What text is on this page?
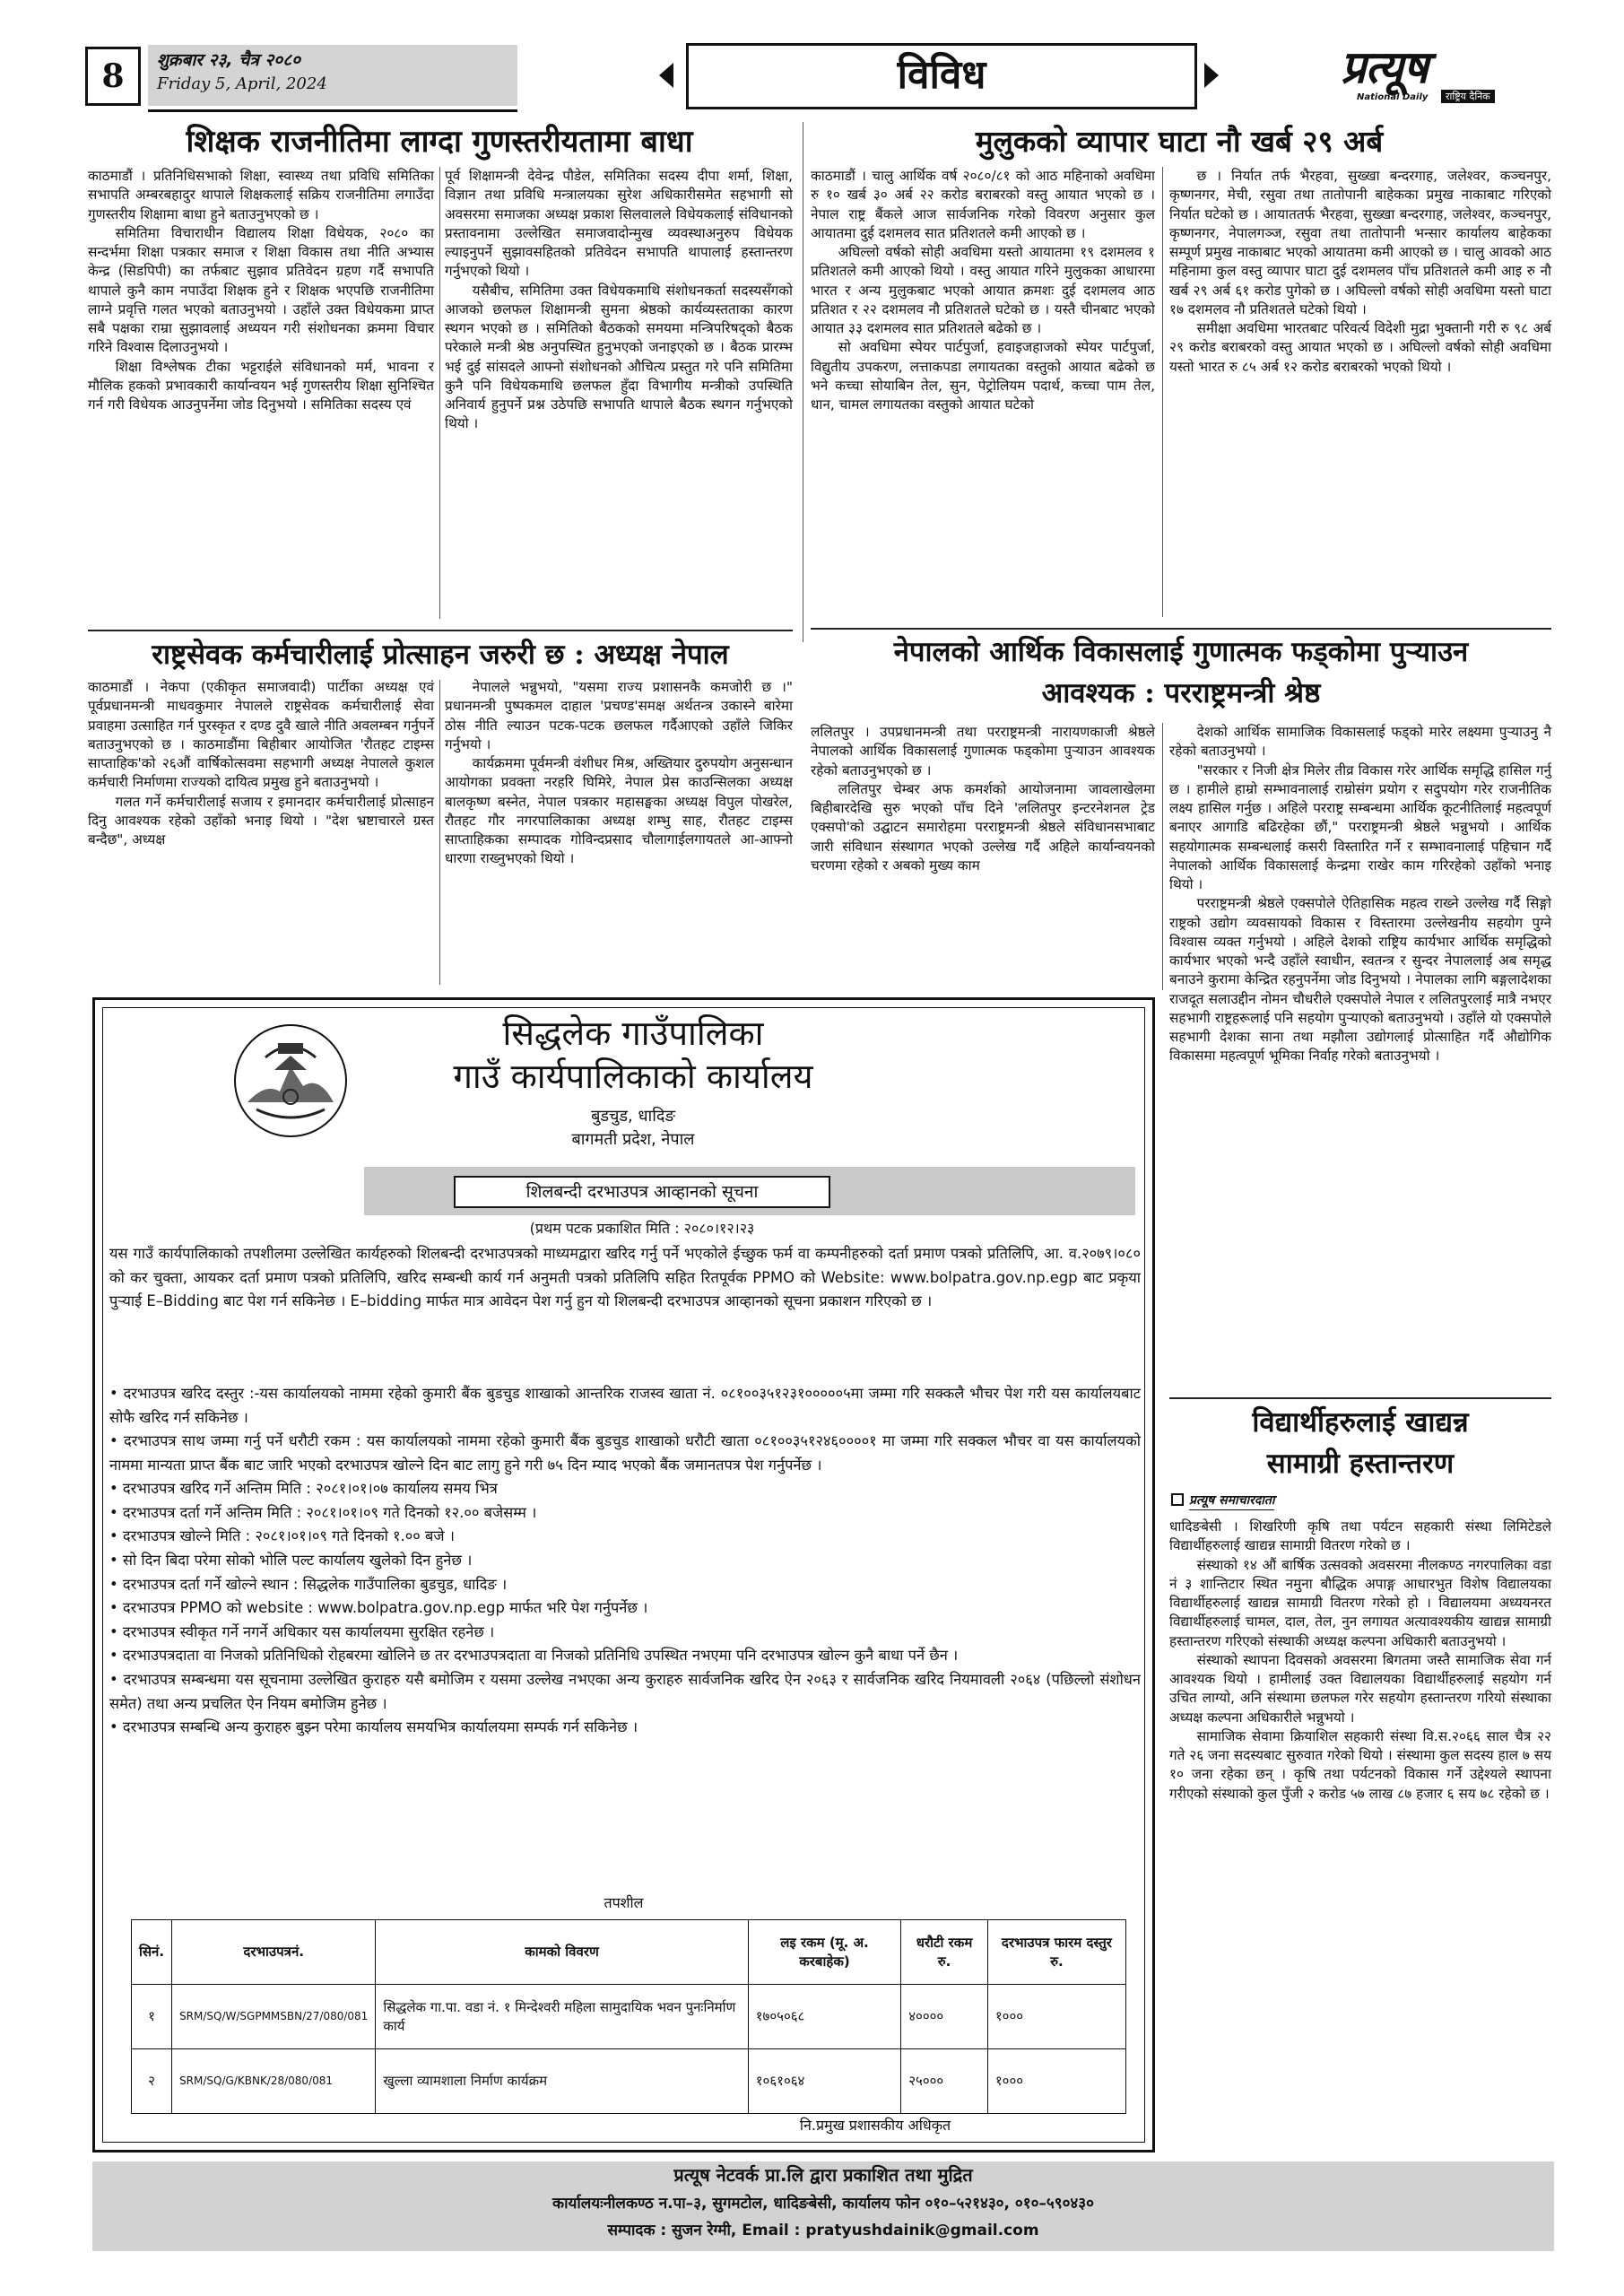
8	शुक्रबार २३, चैत्र २०८०
Friday 5, April, 2024	विविध	प्रत्यूष
National Daily	राष्ट्रिय दैनिक
शिक्षक राजनीतिमा लाग्दा गुणस्तरीयतामा बाधा

काठमाडौं । प्रतिनिधिसभाको शिक्षा, स्वास्थ्य तथा प्रविधि समितिका सभापति अम्बरबहादुर थापाले शिक्षकलाई सक्रिय राजनीतिमा लगाउँदा गुणस्तरीय शिक्षामा बाधा हुने बताउनुभएको छ ।

समितिमा विचाराधीन विद्यालय शिक्षा विधेयक, २०८० का सन्दर्भमा शिक्षा पत्रकार समाज र शिक्षा विकास तथा नीति अभ्यास केन्द्र (सिडपिपी) का तर्फबाट सुझाव प्रतिवेदन ग्रहण गर्दै सभापति थापाले कुनै काम नपाउँदा शिक्षक हुने र शिक्षक भएपछि राजनीतिमा लाग्ने प्रवृत्ति गलत भएको बताउनुभयो । उहाँले उक्त विधेयकमा प्राप्त सबै पक्षका राम्रा सुझावलाई अध्ययन गरी संशोधनका क्रममा विचार गरिने विश्वास दिलाउनुभयो ।

शिक्षा विश्लेषक टीका भट्टराईले संविधानको मर्म, भावना र मौलिक हकको प्रभावकारी कार्यान्वयन भई गुणस्तरीय शिक्षा सुनिश्चित गर्न गरी विधेयक आउनुपर्नेमा जोड दिनुभयो । समितिका सदस्य एवं

पूर्व शिक्षामन्त्री देवेन्द्र पौडेल, समितिका सदस्य दीपा शर्मा, शिक्षा, विज्ञान तथा प्रविधि मन्त्रालयका सुरेश अधिकारीसमेत सहभागी सो अवसरमा समाजका अध्यक्ष प्रकाश सिलवालले विधेयकलाई संविधानको प्रस्तावनामा उल्लेखित समाजवादोन्मुख व्यवस्थाअनुरुप विधेयक ल्याइनुपर्ने सुझावसहितको प्रतिवेदन सभापति थापालाई हस्तान्तरण गर्नुभएको थियो ।

यसैबीच, समितिमा उक्त विधेयकमाथि संशोधनकर्ता सदस्यसँगको आजको छलफल शिक्षामन्त्री सुमना श्रेष्ठको कार्यव्यस्तताका कारण स्थगन भएको छ । समितिको बैठकको समयमा मन्त्रिपरिषद्को बैठक परेकाले मन्त्री श्रेष्ठ अनुपस्थित हुनुभएको जनाइएको छ । बैठक प्रारम्भ भई दुई सांसदले आफ्नो संशोधनको औचित्य प्रस्तुत गरे पनि समितिमा कुनै पनि विधेयकमाथि छलफल हुँदा विभागीय मन्त्रीको उपस्थिति अनिवार्य हुनुपर्ने प्रश्न उठेपछि सभापति थापाले बैठक स्थगन गर्नुभएको थियो ।

राष्ट्रसेवक कर्मचारीलाई प्रोत्साहन जरुरी छ : अध्यक्ष नेपाल

काठमाडौं । नेकपा (एकीकृत समाजवादी) पार्टीका अध्यक्ष एवं पूर्वप्रधानमन्त्री माधवकुमार नेपालले राष्ट्रसेवक कर्मचारीलाई सेवा प्रवाहमा उत्साहित गर्न पुरस्कृत र दण्ड दुवै खाले नीति अवलम्बन गर्नुपर्ने बताउनुभएको छ । काठमाडौंमा बिहीबार आयोजित 'रौतहट टाइम्स साप्ताहिक'को २६औं वार्षिकोत्सवमा सहभागी अध्यक्ष नेपालले कुशल कर्मचारी निर्माणमा राज्यको दायित्व प्रमुख हुने बताउनुभयो ।

गलत गर्ने कर्मचारीलाई सजाय र इमानदार कर्मचारीलाई प्रोत्साहन दिनु आवश्यक रहेको उहाँको भनाइ थियो । "देश भ्रष्टाचारले ग्रस्त बन्दैछ", अध्यक्ष

नेपालले भन्नुभयो, "यसमा राज्य प्रशासनकै कमजोरी छ ।" प्रधानमन्त्री पुष्पकमल दाहाल 'प्रचण्ड'समक्ष अर्थतन्त्र उकास्ने बारेमा ठोस नीति ल्याउन पटक-पटक छलफल गर्दैआएको उहाँले जिकिर गर्नुभयो ।

कार्यक्रममा पूर्वमन्त्री वंशीधर मिश्र, अख्तियार दुरुपयोग अनुसन्धान आयोगका प्रवक्ता नरहरि घिमिरे, नेपाल प्रेस काउन्सिलका अध्यक्ष बालकृष्ण बस्नेत, नेपाल पत्रकार महासङ्घका अध्यक्ष विपुल पोखरेल, रौतहट गौर नगरपालिकाका अध्यक्ष शम्भु साह, रौतहट टाइम्स साप्ताहिकका सम्पादक गोविन्दप्रसाद चौलागाईलगायतले आ-आफ्नो धारणा राख्नुभएको थियो ।

मुलुकको व्यापार घाटा नौ खर्ब २९ अर्ब

काठमाडौं । चालु आर्थिक वर्ष २०८०/८१ को आठ महिनाको अवधिमा रु १० खर्ब ३० अर्ब २२ करोड बराबरको वस्तु आयात भएको छ । नेपाल राष्ट्र बैंकले आज सार्वजनिक गरेको विवरण अनुसार कुल आयातमा दुई दशमलव सात प्रतिशतले कमी आएको छ ।

अघिल्लो वर्षको सोही अवधिमा यस्तो आयातमा १९ दशमलव १ प्रतिशतले कमी आएको थियो । वस्तु आयात गरिने मुलुकका आधारमा भारत र अन्य मुलुकबाट भएको आयात क्रमशः दुई दशमलव आठ प्रतिशत र २२ दशमलव नौ प्रतिशतले घटेको छ । यस्तै चीनबाट भएको आयात ३३ दशमलव सात प्रतिशतले बढेको छ ।

सो अवधिमा स्पेयर पार्टपुर्जा, हवाइजहाजको स्पेयर पार्टपुर्जा, विद्युतीय उपकरण, लत्ताकपडा लगायतका वस्तुको आयात बढेको छ भने कच्चा सोयाबिन तेल, सुन, पेट्रोलियम पदार्थ, कच्चा पाम तेल, धान, चामल लगायतका वस्तुको आयात घटेको

छ । निर्यात तर्फ भैरहवा, सुख्खा बन्दरगाह, जलेश्वर, कञ्चनपुर, कृष्णनगर, मेची, रसुवा तथा तातोपानी बाहेकका प्रमुख नाकाबाट गरिएको निर्यात घटेको छ । आयाततर्फ भैरहवा, सुख्खा बन्दरगाह, जलेश्वर, कञ्चनपुर, कृष्णनगर, नेपालगञ्ज, रसुवा तथा तातोपानी भन्सार कार्यालय बाहेकका सम्पूर्ण प्रमुख नाकाबाट भएको आयातमा कमी आएको छ । चालु आवको आठ महिनामा कुल वस्तु व्यापार घाटा दुई दशमलव पाँच प्रतिशतले कमी आइ रु नौ खर्ब २९ अर्ब ६१ करोड पुगेको छ । अघिल्लो वर्षको सोही अवधिमा यस्तो घाटा १७ दशमलव नौ प्रतिशतले घटेको थियो ।

समीक्षा अवधिमा भारतबाट परिवर्त्य विदेशी मुद्रा भुक्तानी गरी रु ९८ अर्ब २९ करोड बराबरको वस्तु आयात भएको छ । अघिल्लो वर्षको सोही अवधिमा यस्तो भारत रु ८५ अर्ब १२ करोड बराबरको भएको थियो ।

नेपालको आर्थिक विकासलाई गुणात्मक फड्कोमा पुर्‍याउन
आवश्यक : परराष्ट्रमन्त्री श्रेष्ठ

ललितपुर । उपप्रधानमन्त्री तथा परराष्ट्रमन्त्री नारायणकाजी श्रेष्ठले नेपालको आर्थिक विकासलाई गुणात्मक फड्कोमा पुर्‍याउन आवश्यक रहेको बताउनुभएको छ ।

ललितपुर चेम्बर अफ कमर्शको आयोजनामा जावलाखेलमा बिहीबारदेखि सुरु भएको पाँच दिने 'ललितपुर इन्टरनेशनल ट्रेड एक्सपो'को उद्घाटन समारोहमा परराष्ट्रमन्त्री श्रेष्ठले संविधानसभाबाट जारी संविधान संस्थागत भएको उल्लेख गर्दै अहिले कार्यान्वयनको चरणमा रहेको र अबको मुख्य काम

देशको आर्थिक सामाजिक विकासलाई फड्को मारेर लक्ष्यमा पुर्‍याउनु नै रहेको बताउनुभयो ।

"सरकार र निजी क्षेत्र मिलेर तीव्र विकास गरेर आर्थिक समृद्धि हासिल गर्नु छ । हामीले हाम्रो सम्भावनालाई राम्रोसंग प्रयोग र सदुपयोग गरेर राजनीतिक लक्ष्य हासिल गर्नुछ । अहिले परराष्ट्र सम्बन्धमा आर्थिक कूटनीतिलाई महत्वपूर्ण बनाएर आगाडि बढिरहेका छौं," परराष्ट्रमन्त्री श्रेष्ठले भन्नुभयो । आर्थिक सहयोगात्मक सम्बन्धलाई कसरी विस्तारित गर्ने र सम्भावनालाई पहिचान गर्दै नेपालको आर्थिक विकासलाई केन्द्रमा राखेर काम गरिरहेको उहाँको भनाइ थियो ।

परराष्ट्रमन्त्री श्रेष्ठले एक्सपोले ऐतिहासिक महत्व राख्ने उल्लेख गर्दै सिङ्गो राष्ट्रको उद्योग व्यवसायको विकास र विस्तारमा उल्लेखनीय सहयोग पुग्ने विश्वास व्यक्त गर्नुभयो । अहिले देशको राष्ट्रिय कार्यभार आर्थिक समृद्धिको कार्यभार भएको भन्दै उहाँले स्वाधीन, स्वतन्त्र र सुन्दर नेपाललाई अब समृद्ध बनाउने कुरामा केन्द्रित रहनुपर्नेमा जोड दिनुभयो । नेपालका लागि बङ्गलादेशका राजदूत सलाउद्दीन नोमन चौधरीले एक्सपोले नेपाल र ललितपुरलाई मात्रै नभएर सहभागी राष्ट्रहरूलाई पनि सहयोग पुर्‍याएको बताउनुभयो । उहाँले यो एक्सपोले सहभागी देशका साना तथा मझौला उद्योगलाई प्रोत्साहित गर्दै औद्योगिक विकासमा महत्वपूर्ण भूमिका निर्वाह गरेको बताउनुभयो ।

विद्यार्थीहरुलाई खाद्यन्न
सामाग्री हस्तान्तरण
प्रत्यूष समाचारदाता

धादिङबेसी । शिखरिणी कृषि तथा पर्यटन सहकारी संस्था लिमिटेडले विद्यार्थीहरुलाई खाद्यन्न सामाग्री वितरण गरेको छ ।

संस्थाको १४ औं बार्षिक उत्सवको अवसरमा नीलकण्ठ नगरपालिका वडा नं ३ शान्तिटार स्थित नमुना बौद्धिक अपाङ्ग आधारभुत विशेष विद्यालयका विद्यार्थीहरुलाई खाद्यन्न सामाग्री वितरण गरेको हो । विद्यालयमा अध्ययनरत विद्यार्थीहरुलाई चामल, दाल, तेल, नुन लगायत अत्यावश्यकीय खाद्यन्न सामाग्री हस्तान्तरण गरिएको संस्थाकी अध्यक्ष कल्पना अधिकारी बताउनुभयो ।

संस्थाको स्थापना दिवसको अवसरमा बिगतमा जस्तै सामाजिक सेवा गर्न आवश्यक थियो । हामीलाई उक्त विद्यालयका विद्यार्थीहरुलाई सहयोग गर्न उचित लाग्यो, अनि संस्थामा छलफल गरेर सहयोग हस्तान्तरण गरियो संस्थाका अध्यक्ष कल्पना अधिकारीले भन्नुभयो ।

सामाजिक सेवामा क्रियाशिल सहकारी संस्था वि.स.२०६६ साल चैत्र २२ गते २६ जना सदस्यबाट सुरुवात गरेको थियो । संस्थामा कुल सदस्य हाल ७ सय १० जना रहेका छन् । कृषि तथा पर्यटनको विकास गर्ने उद्देश्यले स्थापना गरीएको संस्थाको कुल पुँजी २ करोड ५७ लाख ८७ हजार ६ सय ७८ रहेको छ ।

सिद्धलेक गाउँपालिका
गाउँ कार्यपालिकाको कार्यालय
बुडचुड, धादिङ
बागमती प्रदेश, नेपाल
शिलबन्दी दरभाउपत्र आव्हानको सूचना
(प्रथम पटक प्रकाशित मिति : २०८०।१२।२३
यस गाउँ कार्यपालिकाको तपशीलमा उल्लेखित कार्यहरुको शिलबन्दी दरभाउपत्रको माध्यमद्वारा खरिद गर्नु पर्ने भएकोले ईच्छुक फर्म वा कम्पनीहरुको दर्ता प्रमाण पत्रको प्रतिलिपि, आ. व.२०७९।०८० को कर चुक्ता, आयकर दर्ता प्रमाण पत्रको प्रतिलिपि, खरिद सम्बन्धी कार्य गर्न अनुमती पत्रको प्रतिलिपि सहित रितपूर्वक PPMO को Website: www.bolpatra.gov.np.egp बाट प्रकृया पुऱ्याई E–Bidding बाट पेश गर्न सकिनेछ । E–bidding मार्फत मात्र आवेदन पेश गर्नु हुन यो शिलबन्दी दरभाउपत्र आव्हानको सूचना प्रकाशन गरिएको छ ।
• दरभाउपत्र खरिद दस्तुर :-यस कार्यालयको नाममा रहेको कुमारी बैंक बुडचुड शाखाको आन्तरिक राजस्व खाता नं. ०८१००३५१२३१०००००५मा जम्मा गरि सक्कलै भौचर पेश गरी यस कार्यालयबाट सोफै खरिद गर्न सकिनेछ ।
• दरभाउपत्र साथ जम्मा गर्नु पर्ने धरौटी रकम : यस कार्यालयको नाममा रहेको कुमारी बैंक बुडचुड शाखाको धरौटी खाता ०८१००३५१२४६००००१ मा जम्मा गरि सक्कल भौचर वा यस कार्यालयको नाममा मान्यता प्राप्त बैंक बाट जारि भएको दरभाउपत्र खोल्ने दिन बाट लागु हुने गरी ७५ दिन म्याद भएको बैंक जमानतपत्र पेश गर्नुपर्नेछ ।
• दरभाउपत्र खरिद गर्ने अन्तिम मिति : २०८१।०१।०७ कार्यालय समय भित्र
• दरभाउपत्र दर्ता गर्ने अन्तिम मिति : २०८१।०१।०९ गते दिनको १२.०० बजेसम्म ।
• दरभाउपत्र खोल्ने मिति : २०८१।०१।०९ गते दिनको १.०० बजे ।
• सो दिन बिदा परेमा सोको भोलि पल्ट कार्यालय खुलेको दिन हुनेछ ।
• दरभाउपत्र दर्ता गर्ने खोल्ने स्थान : सिद्धलेक गाउँपालिका बुडचुड, धादिङ ।
• दरभाउपत्र PPMO को website : www.bolpatra.gov.np.egp मार्फत भरि पेश गर्नुपर्नेछ ।
• दरभाउपत्र स्वीकृत गर्ने नगर्ने अधिकार यस कार्यालयमा सुरक्षित रहनेछ ।
• दरभाउपत्रदाता वा निजको प्रतिनिधिको रोहबरमा खोलिने छ तर दरभाउपत्रदाता वा निजको प्रतिनिधि उपस्थित नभएमा पनि दरभाउपत्र खोल्न कुनै बाधा पर्ने छैन ।
• दरभाउपत्र सम्बन्धमा यस सूचनामा उल्लेखित कुराहरु यसै बमोजिम र यसमा उल्लेख नभएका अन्य कुराहरु सार्वजनिक खरिद ऐन २०६३ र सार्वजनिक खरिद नियमावली २०६४ (पछिल्लो संशोधन समेत) तथा अन्य प्रचलित ऐन नियम बमोजिम हुनेछ ।
• दरभाउपत्र सम्बन्धि अन्य कुराहरु बुझ्न परेमा कार्यालय समयभित्र कार्यालयमा सम्पर्क गर्न सकिनेछ ।
तपशील
सिनं.	दरभाउपत्रनं.	कामको विवरण	लइ रकम (मू. अ. करबाहेक)	धरौटी रकम रु.	दरभाउपत्र फारम दस्तुर रु.
१	SRM/SQ/W/SGPMMSBN/27/080/081	सिद्धलेक गा.पा. वडा नं. १ मिन्देश्वरी महिला सामुदायिक भवन पुनःनिर्माण कार्य	१७०५०६८	४००००	१०००
२	SRM/SQ/G/KBNK/28/080/081	खुल्ला व्यामशाला निर्माण कार्यक्रम	१०६१०६४	२५०००	१०००
नि.प्रमुख प्रशासकीय अधिकृत
प्रत्यूष नेटवर्क प्रा.लि द्वारा प्रकाशित तथा मुद्रित
कार्यालयःनीलकण्ठ न.पा–३, सुगमटोल, धादिङबेसी, कार्यालय फोन ०१०–५२१४३०, ०१०–५९०४३०
सम्पादक : सुजन रेग्मी, Email : pratyushdainik@gmail.com
